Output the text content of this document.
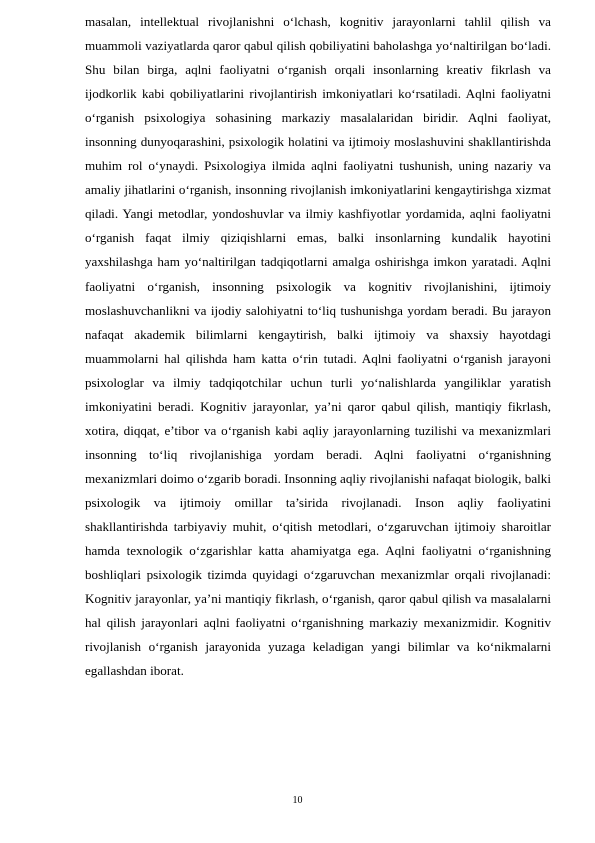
masalan, intellektual rivojlanishni o‘lchash, kognitiv jarayonlarni tahlil qilish va muammoli vaziyatlarda qaror qabul qilish qobiliyatini baholashga yo‘naltirilgan bo‘ladi. Shu bilan birga, aqlni faoliyatni o‘rganish orqali insonlarning kreativ fikrlash va ijodkorlik kabi qobiliyatlarini rivojlantirish imkoniyatlari ko‘rsatiladi. Aqlni faoliyatni o‘rganish psixologiya sohasining markaziy masalalaridan biridir. Aqlni faoliyat, insonning dunyoqarashini, psixologik holatini va ijtimoiy moslashuvini shakllantirishda muhim rol o‘ynaydi. Psixologiya ilmida aqlni faoliyatni tushunish, uning nazariy va amaliy jihatlarini o‘rganish, insonning rivojlanish imkoniyatlarini kengaytirishga xizmat qiladi. Yangi metodlar, yondoshuvlar va ilmiy kashfiyotlar yordamida, aqlni faoliyatni o‘rganish faqat ilmiy qiziqishlarni emas, balki insonlarning kundalik hayotini yaxshilashga ham yo‘naltirilgan tadqiqotlarni amalga oshirishga imkon yaratadi. Aqlni faoliyatni o‘rganish, insonning psixologik va kognitiv rivojlanishini, ijtimoiy moslashuvchanlikni va ijodiy salohiyatni to‘liq tushunishga yordam beradi. Bu jarayon nafaqat akademik bilimlarni kengaytirish, balki ijtimoiy va shaxsiy hayotdagi muammolarni hal qilishda ham katta o‘rin tutadi. Aqlni faoliyatni o‘rganish jarayoni psixologlar va ilmiy tadqiqotchilar uchun turli yo‘nalishlarda yangiliklar yaratish imkoniyatini beradi. Kognitiv jarayonlar, ya’ni qaror qabul qilish, mantiqiy fikrlash, xotira, diqqat, e’tibor va o‘rganish kabi aqliy jarayonlarning tuzilishi va mexanizmlari insonning to‘liq rivojlanishiga yordam beradi. Aqlni faoliyatni o‘rganishning mexanizmlari doimo o‘zgarib boradi. Insonning aqliy rivojlanishi nafaqat biologik, balki psixologik va ijtimoiy omillar ta’sirida rivojlanadi. Inson aqliy faoliyatini shakllantirishda tarbiyaviy muhit, o‘qitish metodlari, o‘zgaruvchan ijtimoiy sharoitlar hamda texnologik o‘zgarishlar katta ahamiyatga ega. Aqlni faoliyatni o‘rganishning boshliqlari psixologik tizimda quyidagi o‘zgaruvchan mexanizmlar orqali rivojlanadi: Kognitiv jarayonlar, ya’ni mantiqiy fikrlash, o‘rganish, qaror qabul qilish va masalalarni hal qilish jarayonlari aqlni faoliyatni o‘rganishning markaziy mexanizmidir. Kognitiv rivojlanish o‘rganish jarayonida yuzaga keladigan yangi bilimlar va ko‘nikmalarni egallashdan iborat.

10
